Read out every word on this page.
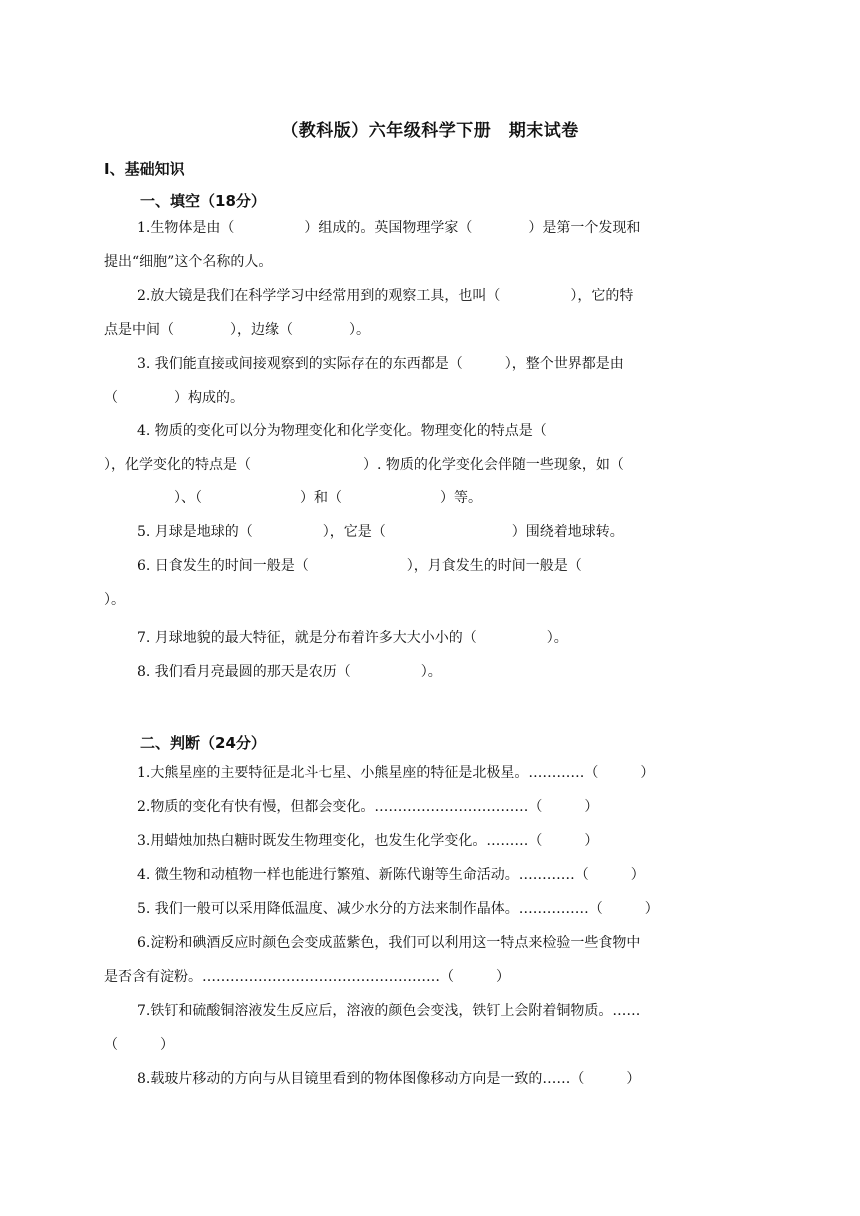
（教科版）六年级科学下册　期末试卷
Ⅰ、基础知识
一、填空（18分）
1.生物体是由（　　　　　）组成的。英国物理学家（　　　　）是第一个发现和
提出“细胞”这个名称的人。
2.放大镜是我们在科学学习中经常用到的观察工具，也叫（　　　　　），它的特
点是中间（　　　　），边缘（　　　　）。
3. 我们能直接或间接观察到的实际存在的东西都是（　　　），整个世界都是由
（　　　　）构成的。
4. 物质的变化可以分为物理变化和化学变化。物理变化的特点是（
），化学变化的特点是（　　　　　　　　）. 物质的化学变化会伴随一些现象，如（
　　　　　）、（　　　　　　　）和（　　　　　　　）等。
5. 月球是地球的（　　　　　），它是（　　　　　　　　　）围绕着地球转。
6. 日食发生的时间一般是（　　　　　　　），月食发生的时间一般是（
）。
7. 月球地貌的最大特征，就是分布着许多大大小小的（　　　　　）。
8. 我们看月亮最圆的那天是农历（　　　　　）。
二、判断（24分）
1.大熊星座的主要特征是北斗七星、小熊星座的特征是北极星。…………（　　　）
2.物质的变化有快有慢，但都会变化。……………………………（　　　）
3.用蜡烛加热白糖时既发生物理变化，也发生化学变化。………（　　　）
4. 微生物和动植物一样也能进行繁殖、新陈代谢等生命活动。…………（　　　）
5. 我们一般可以采用降低温度、减少水分的方法来制作晶体。……………（　　　）
6.淀粉和碘酒反应时颜色会变成蓝紫色，我们可以利用这一特点来检验一些食物中
是否含有淀粉。……………………………………………（　　　）
7.铁钉和硫酸铜溶液发生反应后，溶液的颜色会变浅，铁钉上会附着铜物质。……
（　　　）
8.载玻片移动的方向与从目镜里看到的物体图像移动方向是一致的……（　　　）
